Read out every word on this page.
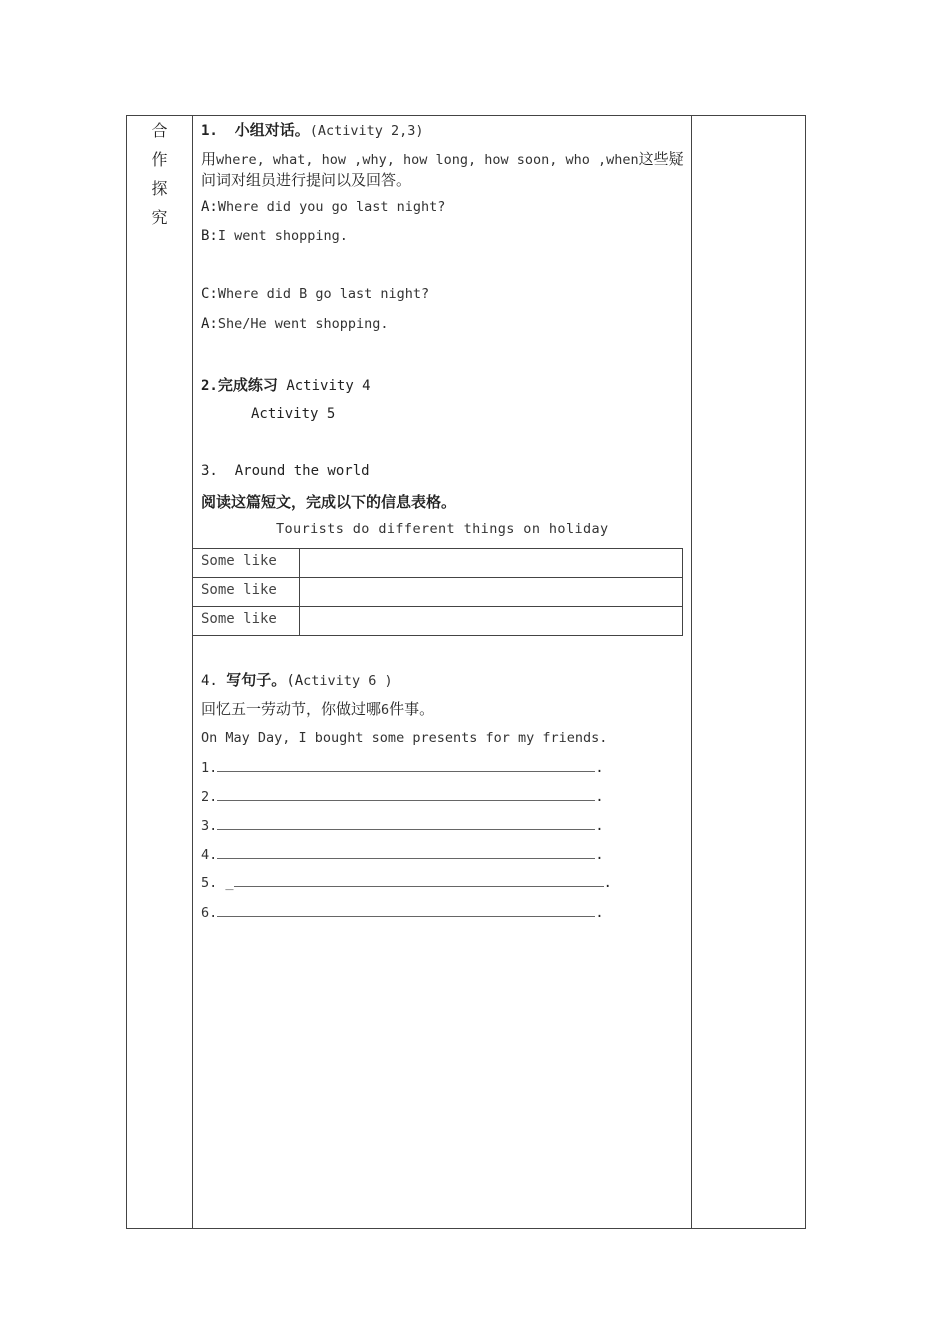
合
作
探
究
1. 小组对话。(Activity 2,3)
用where, what, how ,why, how long, how soon, who ,when这些疑
问词对组员进行提问以及回答。
A:Where did you go last night?
B:I went shopping.
C:Where did B go last night?
A:She/He went shopping.
2.完成练习 Activity 4
Activity 5
3. Around the world
阅读这篇短文，完成以下的信息表格。
Tourists do different things on holiday
Some like	
Some like	
Some like	
4. 写句子。(Activity 6 )
回忆五一劳动节，你做过哪6件事。
On May Day, I bought some presents for my friends.
1.	.
2.	.
3.	.
4.	.
5. _	.
6.	.
